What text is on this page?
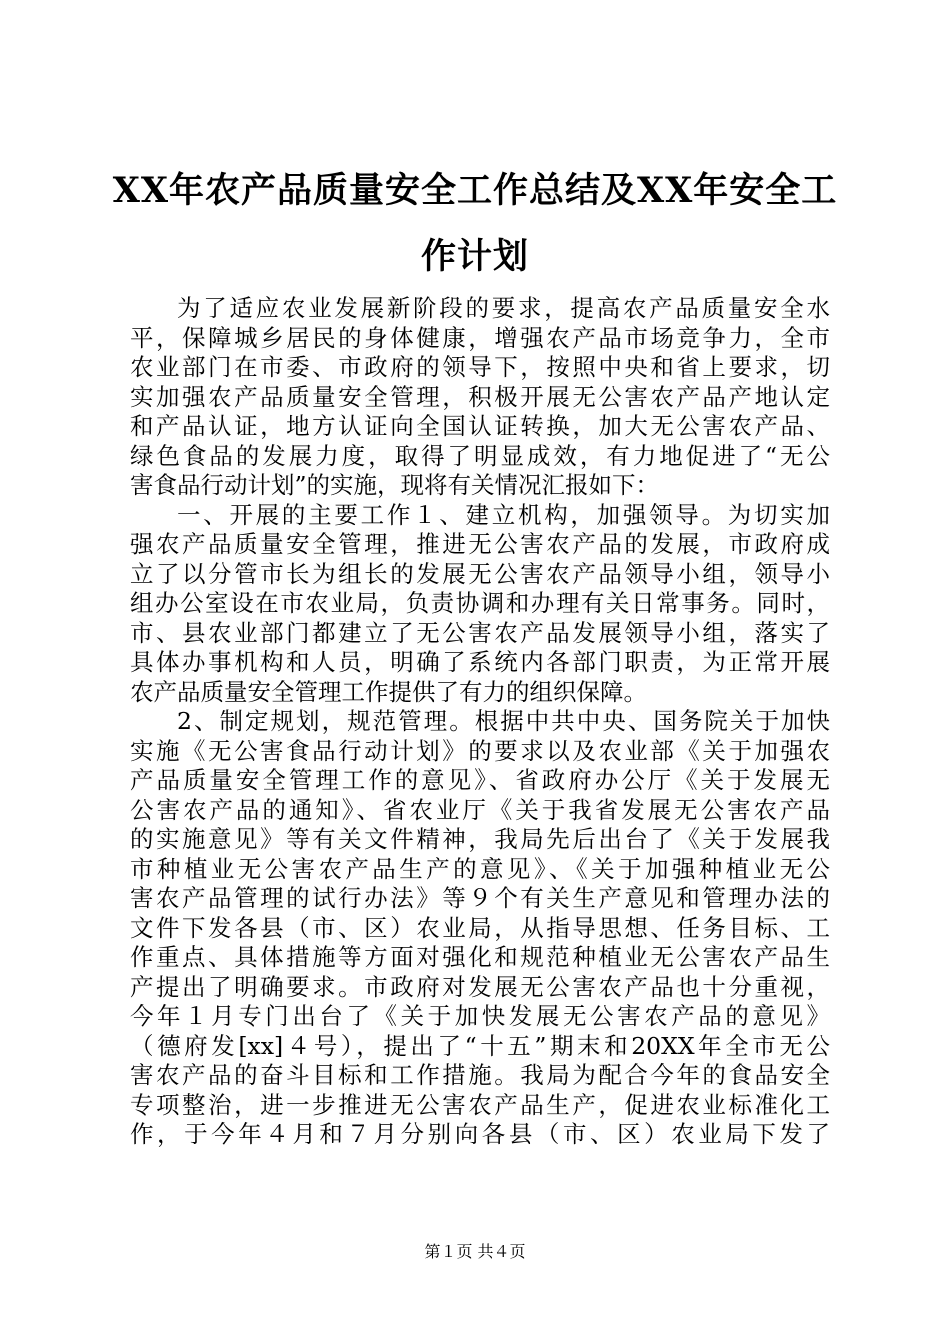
XX年农产品质量安全工作总结及XX年安全工
作计划
为了适应农业发展新阶段的要求，提高农产品质量安全水
平，保障城乡居民的身体健康，增强农产品市场竞争力，全市
农业部门在市委、市政府的领导下，按照中央和省上要求，切
实加强农产品质量安全管理，积极开展无公害农产品产地认定
和产品认证，地方认证向全国认证转换，加大无公害农产品、
绿色食品的发展力度，取得了明显成效，有力地促进了“无公
害食品行动计划”的实施，现将有关情况汇报如下：
一、开展的主要工作１、建立机构，加强领导。为切实加
强农产品质量安全管理，推进无公害农产品的发展，市政府成
立了以分管市长为组长的发展无公害农产品领导小组，领导小
组办公室设在市农业局，负责协调和办理有关日常事务。同时，
市、县农业部门都建立了无公害农产品发展领导小组，落实了
具体办事机构和人员，明确了系统内各部门职责，为正常开展
农产品质量安全管理工作提供了有力的组织保障。
2、制定规划，规范管理。根据中共中央、国务院关于加快
实施《无公害食品行动计划》的要求以及农业部《关于加强农
产品质量安全管理工作的意见》、省政府办公厅《关于发展无
公害农产品的通知》、省农业厅《关于我省发展无公害农产品
的实施意见》等有关文件精神，我局先后出台了《关于发展我
市种植业无公害农产品生产的意见》、《关于加强种植业无公
害农产品管理的试行办法》等９个有关生产意见和管理办法的
文件下发各县（市、区）农业局，从指导思想、任务目标、工
作重点、具体措施等方面对强化和规范种植业无公害农产品生
产提出了明确要求。市政府对发展无公害农产品也十分重视，
今年１月专门出台了《关于加快发展无公害农产品的意见》
（德府发[xx]４号），提出了“十五”期末和20XX年全市无公
害农产品的奋斗目标和工作措施。我局为配合今年的食品安全
专项整治，进一步推进无公害农产品生产，促进农业标准化工
作，于今年４月和７月分别向各县（市、区）农业局下发了
第１页 共４页
